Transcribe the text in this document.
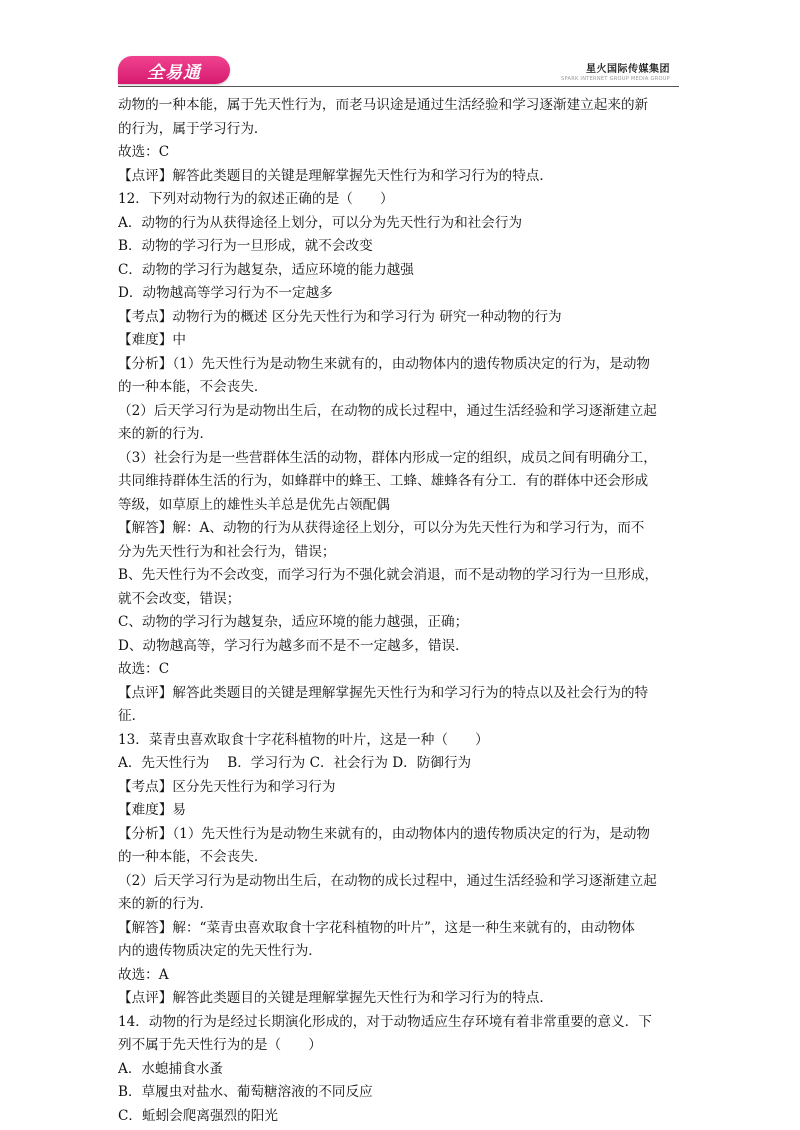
全易通	星火国际传媒集团
SPARK INTERNET GROUP MEDIA GROUP
动物的一种本能，属于先天性行为，而老马识途是通过生活经验和学习逐渐建立起来的新
的行为，属于学习行为．
故选：C
【点评】解答此类题目的关键是理解掌握先天性行为和学习行为的特点．
12．下列对动物行为的叙述正确的是（　　）
A．动物的行为从获得途径上划分，可以分为先天性行为和社会行为
B．动物的学习行为一旦形成，就不会改变
C．动物的学习行为越复杂，适应环境的能力越强
D．动物越高等学习行为不一定越多
【考点】动物行为的概述 区分先天性行为和学习行为 研究一种动物的行为
【难度】中
【分析】（1）先天性行为是动物生来就有的，由动物体内的遗传物质决定的行为，是动物
的一种本能，不会丧失．
（2）后天学习行为是动物出生后，在动物的成长过程中，通过生活经验和学习逐渐建立起
来的新的行为．
（3）社会行为是一些营群体生活的动物，群体内形成一定的组织，成员之间有明确分工，
共同维持群体生活的行为，如蜂群中的蜂王、工蜂、雄蜂各有分工．有的群体中还会形成
等级，如草原上的雄性头羊总是优先占领配偶
【解答】解：A、动物的行为从获得途径上划分，可以分为先天性行为和学习行为，而不
分为先天性行为和社会行为，错误；
B、先天性行为不会改变，而学习行为不强化就会消退，而不是动物的学习行为一旦形成，
就不会改变，错误；
C、动物的学习行为越复杂，适应环境的能力越强，正确；
D、动物越高等，学习行为越多而不是不一定越多，错误．
故选：C
【点评】解答此类题目的关键是理解掌握先天性行为和学习行为的特点以及社会行为的特
征．
13．菜青虫喜欢取食十字花科植物的叶片，这是一种（　　）
A．先天性行为　 B．学习行为 C．社会行为 D．防御行为
【考点】区分先天性行为和学习行为
【难度】易
【分析】（1）先天性行为是动物生来就有的，由动物体内的遗传物质决定的行为，是动物
的一种本能，不会丧失．
（2）后天学习行为是动物出生后，在动物的成长过程中，通过生活经验和学习逐渐建立起
来的新的行为．
【解答】解：“菜青虫喜欢取食十字花科植物的叶片”，这是一种生来就有的，由动物体
内的遗传物质决定的先天性行为．
故选：A
【点评】解答此类题目的关键是理解掌握先天性行为和学习行为的特点．
14．动物的行为是经过长期演化形成的，对于动物适应生存环境有着非常重要的意义．下
列不属于先天性行为的是（　　）
A．水螅捕食水蚤
B．草履虫对盐水、葡萄糖溶液的不同反应
C．蚯蚓会爬离强烈的阳光
